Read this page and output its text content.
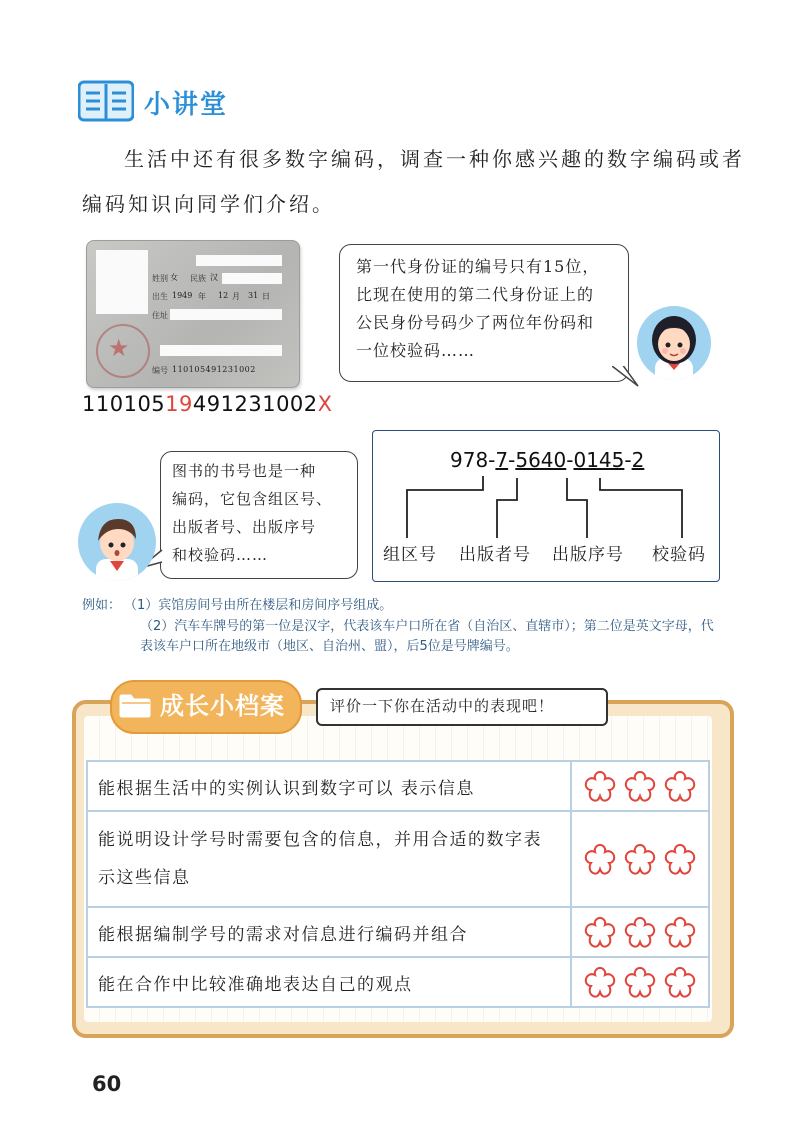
小讲堂
生活中还有很多数字编码，调查一种你感兴趣的数字编码或者
编码知识向同学们介绍。
姓别 女 民族 汉
出生 1949 年 12 月 31 日
住址
编号 110105491231002
★
11010519491231002X
第一代身份证的编号只有15位，
比现在使用的第二代身份证上的
公民身份号码少了两位年份码和
一位校验码……
978-7-5640-0145-2
组区号 出版者号 出版序号 校验码
图书的书号也是一种
编码，它包含组区号、
出版者号、出版序号
和校验码……
例如： （1）宾馆房间号由所在楼层和房间序号组成。
（2）汽车车牌号的第一位是汉字，代表该车户口所在省（自治区、直辖市）；第二位是英文字母，代表该车户口所在地级市（地区、自治州、盟），后5位是号牌编号。
成长小档案	评价一下你在活动中的表现吧！
能根据生活中的实例认识到数字可以 表示信息	
能说明设计学号时需要包含的信息，并用合适的数字表示这些信息	
能根据编制学号的需求对信息进行编码并组合	
能在合作中比较准确地表达自己的观点	
60
